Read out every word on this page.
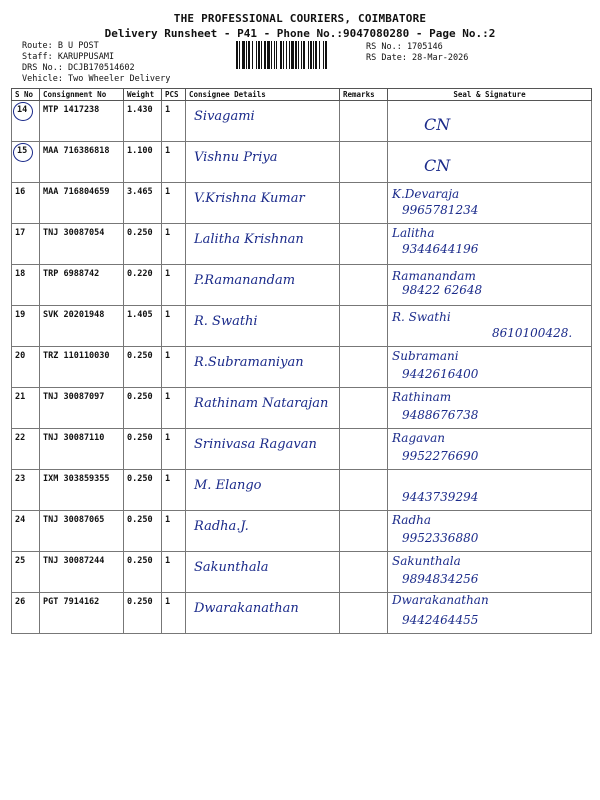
THE PROFESSIONAL COURIERS, COIMBATORE
Delivery Runsheet - P41 - Phone No.:9047080280 - Page No.:2
Route: B U POST
Staff: KARUPPUSAMI
DRS No.: DCJB170514602
Vehicle: Two Wheeler Delivery
RS No.: 1705146
RS Date: 28-Mar-2026
S No	Consignment No	Weight	PCS	Consignee Details	Remarks	Seal & Signature

14	MTP 1417238	1.430	1	Sivagami		CN

15	MAA 716386818	1.100	1	Vishnu Priya		CN

16	MAA 716804659	3.465	1	V.Krishna Kumar		K.Devaraja
9965781234

17	TNJ 30087054	0.250	1	Lalitha Krishnan		Lalitha
9344644196

18	TRP 6988742	0.220	1	P.Ramanandam		Ramanandam
98422 62648

19	SVK 20201948	1.405	1	R. Swathi		R. Swathi
8610100428.

20	TRZ 110110030	0.250	1	R.Subramaniyan		Subramani
9442616400

21	TNJ 30087097	0.250	1	Rathinam Natarajan		Rathinam
9488676738

22	TNJ 30087110	0.250	1	Srinivasa Ragavan		Ragavan
9952276690

23	IXM 303859355	0.250	1	M. Elango		9443739294

24	TNJ 30087065	0.250	1	Radha.J.		Radha
9952336880

25	TNJ 30087244	0.250	1	Sakunthala		Sakunthala
9894834256

26	PGT 7914162	0.250	1	Dwarakanathan		Dwarakanathan
9442464455
